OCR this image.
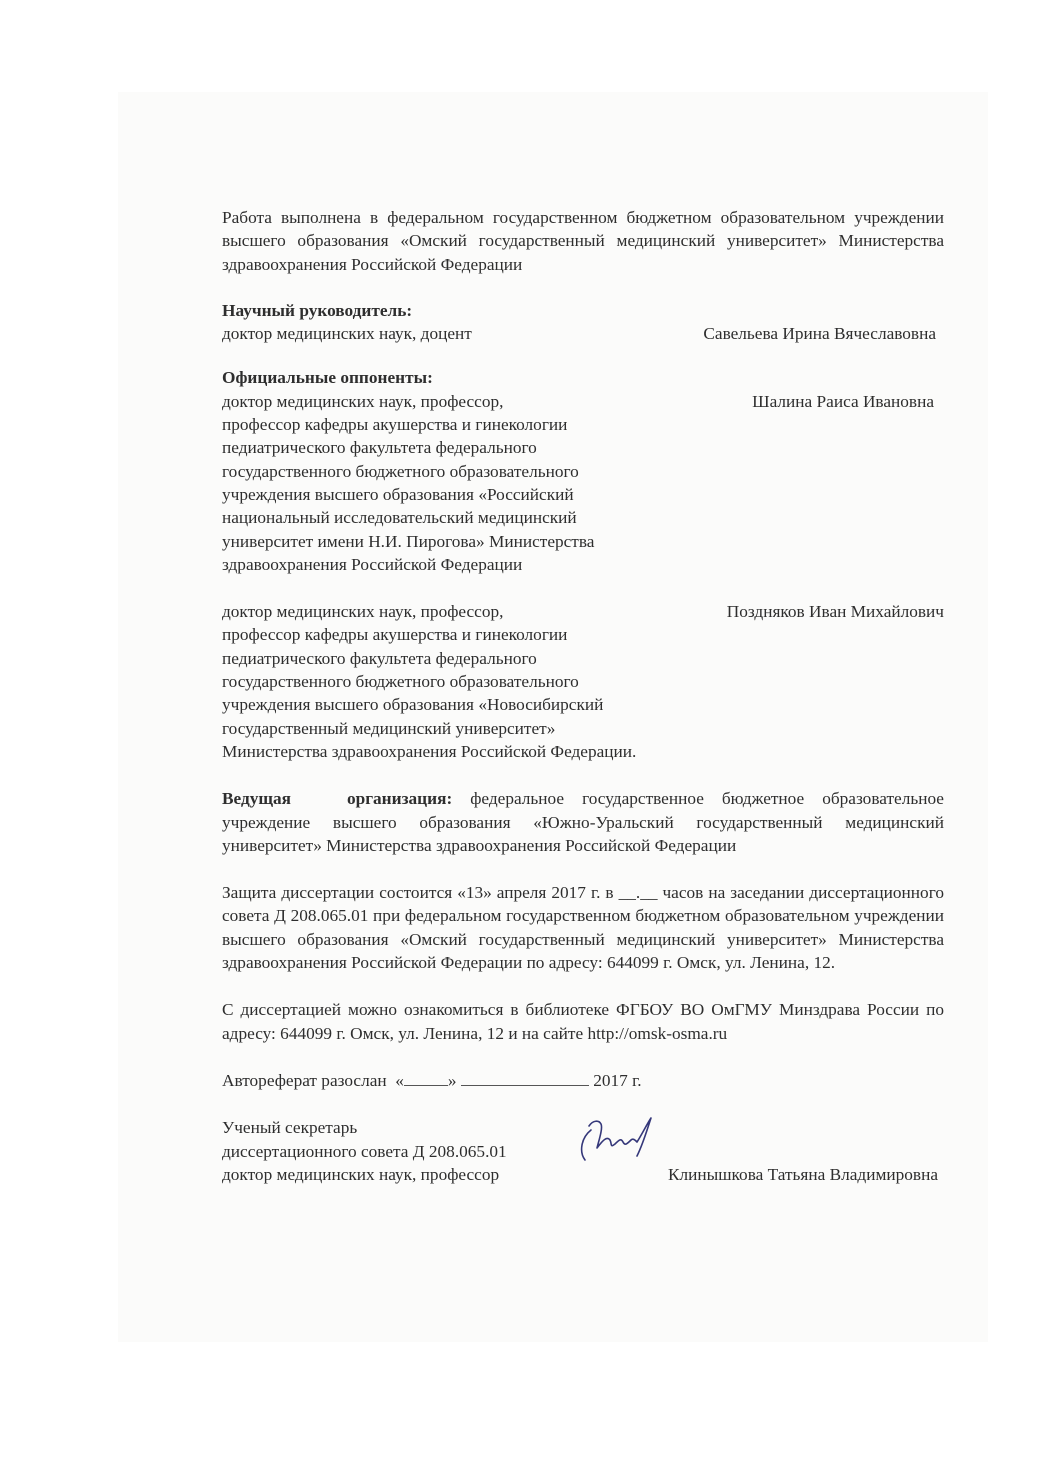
Работа выполнена в федеральном государственном бюджетном образовательном учреждении высшего образования «Омский государственный медицинский университет» Министерства здравоохранения Российской Федерации

Научный руководитель:

доктор медицинских наук, доцент	Савельева Ирина Вячеславовна

Официальные оппоненты:

доктор медицинских наук, профессор,
профессор кафедры акушерства и гинекологии
педиатрического факультета федерального
государственного бюджетного образовательного
учреждения высшего образования «Российский
национальный исследовательский медицинский
университет имени Н.И. Пирогова» Министерства
здравоохранения Российской Федерации
Шалина Раиса Ивановна
доктор медицинских наук, профессор,
профессор кафедры акушерства и гинекологии
педиатрического факультета федерального
государственного бюджетного образовательного
учреждения высшего образования «Новосибирский
государственный медицинский университет»
Министерства здравоохранения Российской Федерации.
Поздняков Иван Михайлович

Ведущая организация: федеральное государственное бюджетное образовательное учреждение высшего образования «Южно-Уральский государственный медицинский университет» Министерства здравоохранения Российской Федерации

Защита диссертации состоится «13» апреля 2017 г. в __.__ часов на заседании диссертационного совета Д 208.065.01 при федеральном государственном бюджетном образовательном учреждении высшего образования «Омский государственный медицинский университет» Министерства здравоохранения Российской Федерации по адресу: 644099 г. Омск, ул. Ленина, 12.

С диссертацией можно ознакомиться в библиотеке ФГБОУ ВО ОмГМУ Минздрава России по адресу: 644099 г. Омск, ул. Ленина, 12 и на сайте http://omsk-osma.ru

Автореферат разослан «	»	2017 г.

Ученый секретарь
диссертационного совета Д 208.065.01
доктор медицинских наук, профессор	Клинышкова Татьяна Владимировна
